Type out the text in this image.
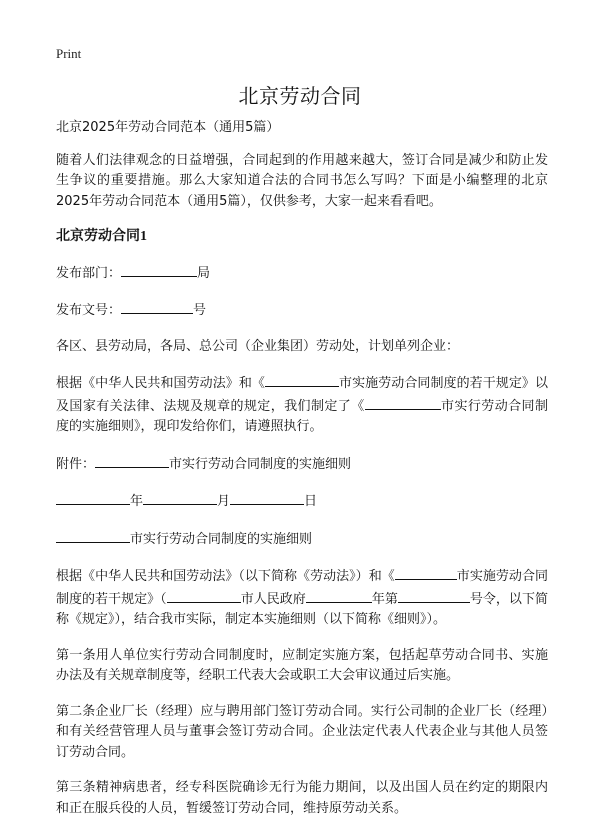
Print
北京劳动合同

北京2025年劳动合同范本（通用5篇）

随着人们法律观念的日益增强，合同起到的作用越来越大，签订合同是减少和防止发生争议的重要措施。那么大家知道合法的合同书怎么写吗？下面是小编整理的北京2025年劳动合同范本（通用5篇），仅供参考，大家一起来看看吧。

北京劳动合同1

发布部门：	局

发布文号：	号

各区、县劳动局，各局、总公司（企业集团）劳动处，计划单列企业：

根据《中华人民共和国劳动法》和《	市实施劳动合同制度的若干规定》以及国家有关法律、法规及规章的规定，我们制定了《	市实行劳动合同制度的实施细则》，现印发给你们，请遵照执行。

附件：	市实行劳动合同制度的实施细则

年	月	日

市实行劳动合同制度的实施细则

根据《中华人民共和国劳动法》（以下简称《劳动法》）和《	市实施劳动合同制度的若干规定》（	市人民政府	年第	号令，以下简称《规定》），结合我市实际，制定本实施细则（以下简称《细则》）。

第一条用人单位实行劳动合同制度时，应制定实施方案，包括起草劳动合同书、实施办法及有关规章制度等，经职工代表大会或职工大会审议通过后实施。

第二条企业厂长（经理）应与聘用部门签订劳动合同。实行公司制的企业厂长（经理）和有关经营管理人员与董事会签订劳动合同。企业法定代表人代表企业与其他人员签订劳动合同。

第三条精神病患者，经专科医院确诊无行为能力期间，以及出国人员在约定的期限内和正在服兵役的人员，暂缓签订劳动合同，维持原劳动关系。
